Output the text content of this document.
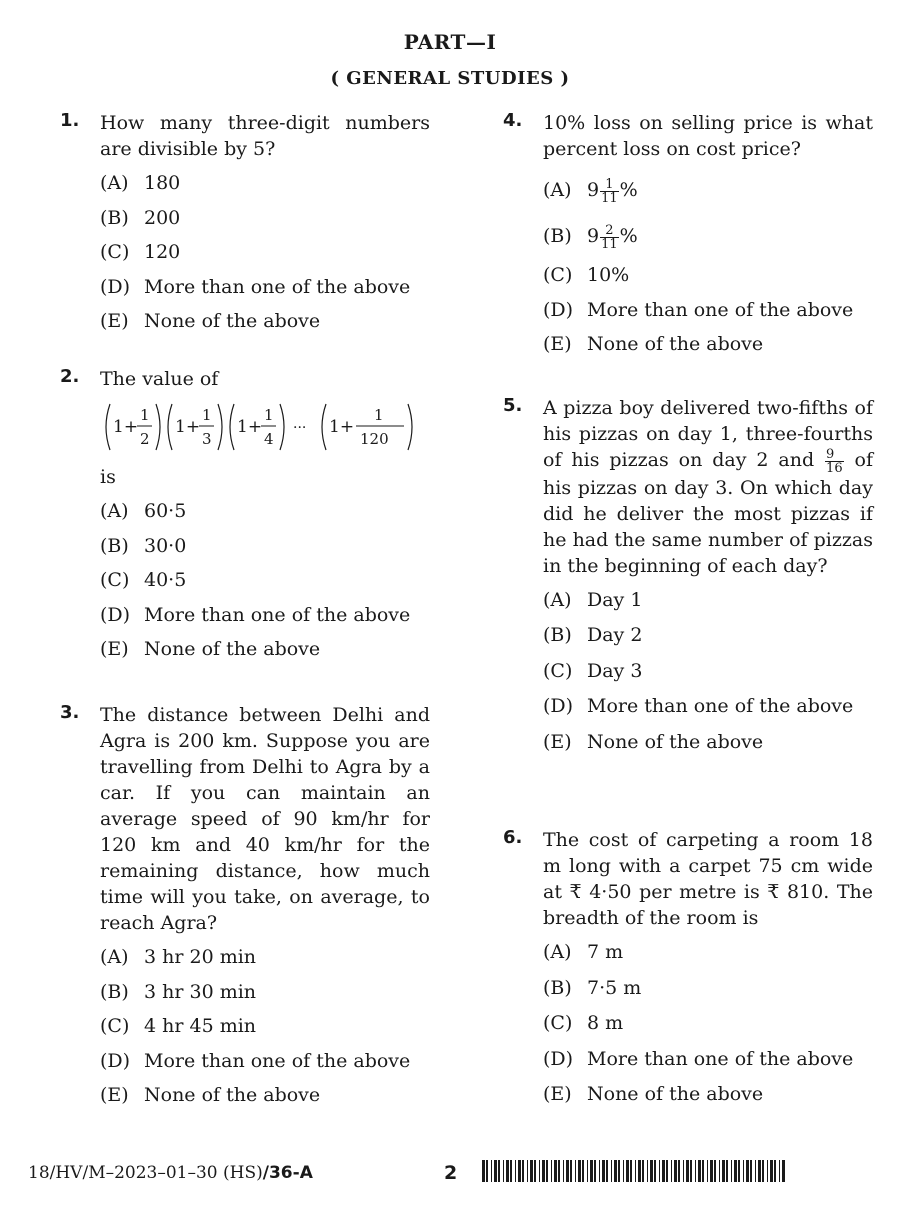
PART—I
( GENERAL STUDIES )
1. How many three-digit numbers are divisible by 5?
(A) 180
(B) 200
(C) 120
(D) More than one of the above
(E) None of the above
2. The value of
1+
1
2
1+
1
3
1+
1
4
··· 1+
1
120
is
(A) 60·5
(B) 30·0
(C) 40·5
(D) More than one of the above
(E) None of the above
3. The distance between Delhi and Agra is 200 km. Suppose you are travelling from Delhi to Agra by a car. If you can maintain an average speed of 90 km/hr for 120 km and 40 km/hr for the remaining distance, how much time will you take, on average, to reach Agra?
(A) 3 hr 20 min
(B) 3 hr 30 min
(C) 4 hr 45 min
(D) More than one of the above
(E) None of the above
4. 10% loss on selling price is what percent loss on cost price?
(A) $9 \frac{1}{11}$ %
(B) $9 \frac{2}{11}$ %
(C) 10%
(D) More than one of the above
(E) None of the above
5. A pizza boy delivered two-fifths of his pizzas on day 1, three-fourths of his pizzas on day 2 and $\frac{9}{16}$ of his pizzas on day 3. On which day did he deliver the most pizzas if he had the same number of pizzas in the beginning of each day?
(A) Day 1
(B) Day 2
(C) Day 3
(D) More than one of the above
(E) None of the above
6. The cost of carpeting a room 18 m long with a carpet 75 cm wide at ₹ 4·50 per metre is ₹ 810. The breadth of the room is
(A) 7 m
(B) 7·5 m
(C) 8 m
(D) More than one of the above
(E) None of the above
18/HV/M–2023–01–30 (HS)/36-A	2
